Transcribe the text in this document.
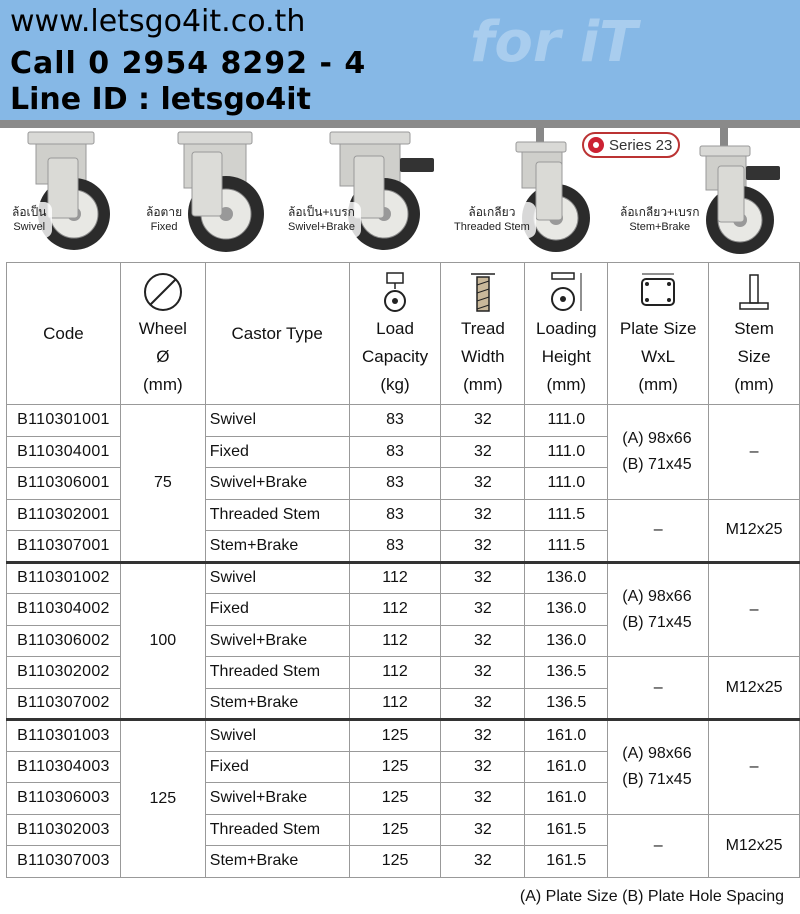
for iT
www.letsgo4it.co.th
Call 0 2954 8292 - 4
Line ID : letsgo4it
Series 23
ล้อเป็น
Swivel
ล้อตาย
Fixed
ล้อเป็น+เบรก
Swivel+Brake
ล้อเกลียว
Threaded Stem
ล้อเกลียว+เบรก
Stem+Brake
Code	Wheel
Ø
(mm)	Castor Type	Load
Capacity
(kg)	Tread
Width
(mm)	Loading
Height
(mm)	Plate Size
WxL
(mm)	Stem
Size
(mm)

B110301001	75	Swivel	83	32	111.0	(A) 98x66
(B) 71x45	–
B110304001		Fixed	83	32	111.0		
B110306001		Swivel+Brake	83	32	111.0		
B110302001		Threaded Stem	83	32	111.5	–	M12x25
B110307001		Stem+Brake	83	32	111.5		
B110301002	100	Swivel	112	32	136.0	(A) 98x66
(B) 71x45	–
B110304002		Fixed	112	32	136.0		
B110306002		Swivel+Brake	112	32	136.0		
B110302002		Threaded Stem	112	32	136.5	–	M12x25
B110307002		Stem+Brake	112	32	136.5		
B110301003	125	Swivel	125	32	161.0	(A) 98x66
(B) 71x45	–
B110304003		Fixed	125	32	161.0		
B110306003		Swivel+Brake	125	32	161.0		
B110302003		Threaded Stem	125	32	161.5	–	M12x25
B110307003		Stem+Brake	125	32	161.5		
(A) Plate Size (B) Plate Hole Spacing
